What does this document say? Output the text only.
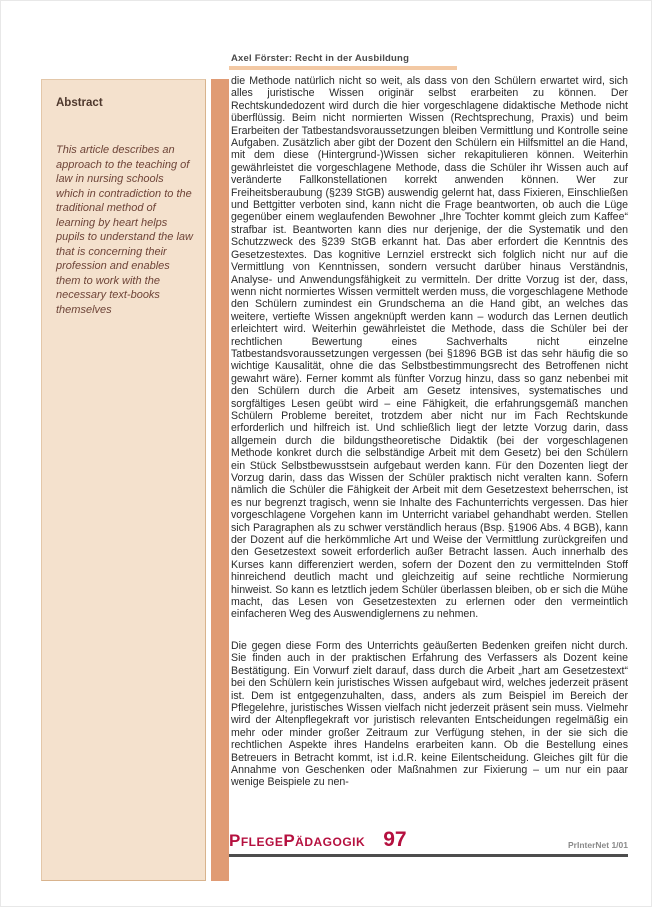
Axel Förster: Recht in der Ausbildung
Abstract
This article describes an approach to the teaching of law in nursing schools which in contradiction to the traditional method of learning by heart helps pupils to understand the law that is concerning their profession and enables them to work with the necessary text-books themselves

die Methode natürlich nicht so weit, als dass von den Schülern erwartet wird, sich alles juristische Wissen originär selbst erarbeiten zu können. Der Rechtskundedozent wird durch die hier vorgeschlagene didaktische Methode nicht überflüssig. Beim nicht normierten Wissen (Rechtsprechung, Praxis) und beim Erarbeiten der Tatbestandsvoraussetzungen bleiben Vermittlung und Kontrolle seine Aufgaben. Zusätzlich aber gibt der Dozent den Schülern ein Hilfsmittel an die Hand, mit dem diese (Hintergrund-)Wissen sicher rekapitulieren können. Weiterhin gewährleistet die vorgeschlagene Methode, dass die Schüler ihr Wissen auch auf veränderte Fallkonstellationen korrekt anwenden können. Wer zur Freiheitsberaubung (§239 StGB) auswendig gelernt hat, dass Fixieren, Einschließen und Bettgitter verboten sind, kann nicht die Frage beantworten, ob auch die Lüge gegenüber einem weglaufenden Bewohner „Ihre Tochter kommt gleich zum Kaffee“ strafbar ist. Beantworten kann dies nur derjenige, der die Systematik und den Schutzzweck des §239 StGB erkannt hat. Das aber erfordert die Kenntnis des Gesetzestextes. Das kognitive Lernziel erstreckt sich folglich nicht nur auf die Vermittlung von Kenntnissen, sondern versucht darüber hinaus Verständnis, Analyse- und Anwendungsfähigkeit zu vermitteln. Der dritte Vorzug ist der, dass, wenn nicht normiertes Wissen vermittelt werden muss, die vorgeschlagene Methode den Schülern zumindest ein Grundschema an die Hand gibt, an welches das weitere, vertiefte Wissen angeknüpft werden kann – wodurch das Lernen deutlich erleichtert wird. Weiterhin gewährleistet die Methode, dass die Schüler bei der rechtlichen Bewertung eines Sachverhalts nicht einzelne Tatbestandsvoraussetzungen vergessen (bei §1896 BGB ist das sehr häufig die so wichtige Kausalität, ohne die das Selbstbestimmungsrecht des Betroffenen nicht gewahrt wäre). Ferner kommt als fünfter Vorzug hinzu, dass so ganz nebenbei mit den Schülern durch die Arbeit am Gesetz intensives, systematisches und sorgfältiges Lesen geübt wird – eine Fähigkeit, die erfahrungsgemäß manchen Schülern Probleme bereitet, trotzdem aber nicht nur im Fach Rechtskunde erforderlich und hilfreich ist. Und schließlich liegt der letzte Vorzug darin, dass allgemein durch die bildungstheoretische Didaktik (bei der vorgeschlagenen Methode konkret durch die selbständige Arbeit mit dem Gesetz) bei den Schülern ein Stück Selbstbewusstsein aufgebaut werden kann. Für den Dozenten liegt der Vorzug darin, dass das Wissen der Schüler praktisch nicht veralten kann. Sofern nämlich die Schüler die Fähigkeit der Arbeit mit dem Gesetzestext beherrschen, ist es nur begrenzt tragisch, wenn sie Inhalte des Fachunterrichts vergessen. Das hier vorgeschlagene Vorgehen kann im Unterricht variabel gehandhabt werden. Stellen sich Paragraphen als zu schwer verständlich heraus (Bsp. §1906 Abs. 4 BGB), kann der Dozent auf die herkömmliche Art und Weise der Vermittlung zurückgreifen und den Gesetzestext soweit erforderlich außer Betracht lassen. Auch innerhalb des Kurses kann differenziert werden, sofern der Dozent den zu vermittelnden Stoff hinreichend deutlich macht und gleichzeitig auf seine rechtliche Normierung hinweist. So kann es letztlich jedem Schüler überlassen bleiben, ob er sich die Mühe macht, das Lesen von Gesetzestexten zu erlernen oder den vermeintlich einfacheren Weg des Auswendiglernens zu nehmen.

Die gegen diese Form des Unterrichts geäußerten Bedenken greifen nicht durch. Sie finden auch in der praktischen Erfahrung des Verfassers als Dozent keine Bestätigung. Ein Vorwurf zielt darauf, dass durch die Arbeit „hart am Gesetzestext“ bei den Schülern kein juristisches Wissen aufgebaut wird, welches jederzeit präsent ist. Dem ist entgegenzuhalten, dass, anders als zum Beispiel im Bereich der Pflegelehre, juristisches Wissen vielfach nicht jederzeit präsent sein muss. Vielmehr wird der Altenpflegekraft vor juristisch relevanten Entscheidungen regelmäßig ein mehr oder minder großer Zeitraum zur Verfügung stehen, in der sie sich die rechtlichen Aspekte ihres Handelns erarbeiten kann. Ob die Bestellung eines Betreuers in Betracht kommt, ist i.d.R. keine Eilentscheidung. Gleiches gilt für die Annahme von Geschenken oder Maßnahmen zur Fixierung – um nur ein paar wenige Beispiele zu nen-

PflegePädagogik 97	PrInterNet 1/01
